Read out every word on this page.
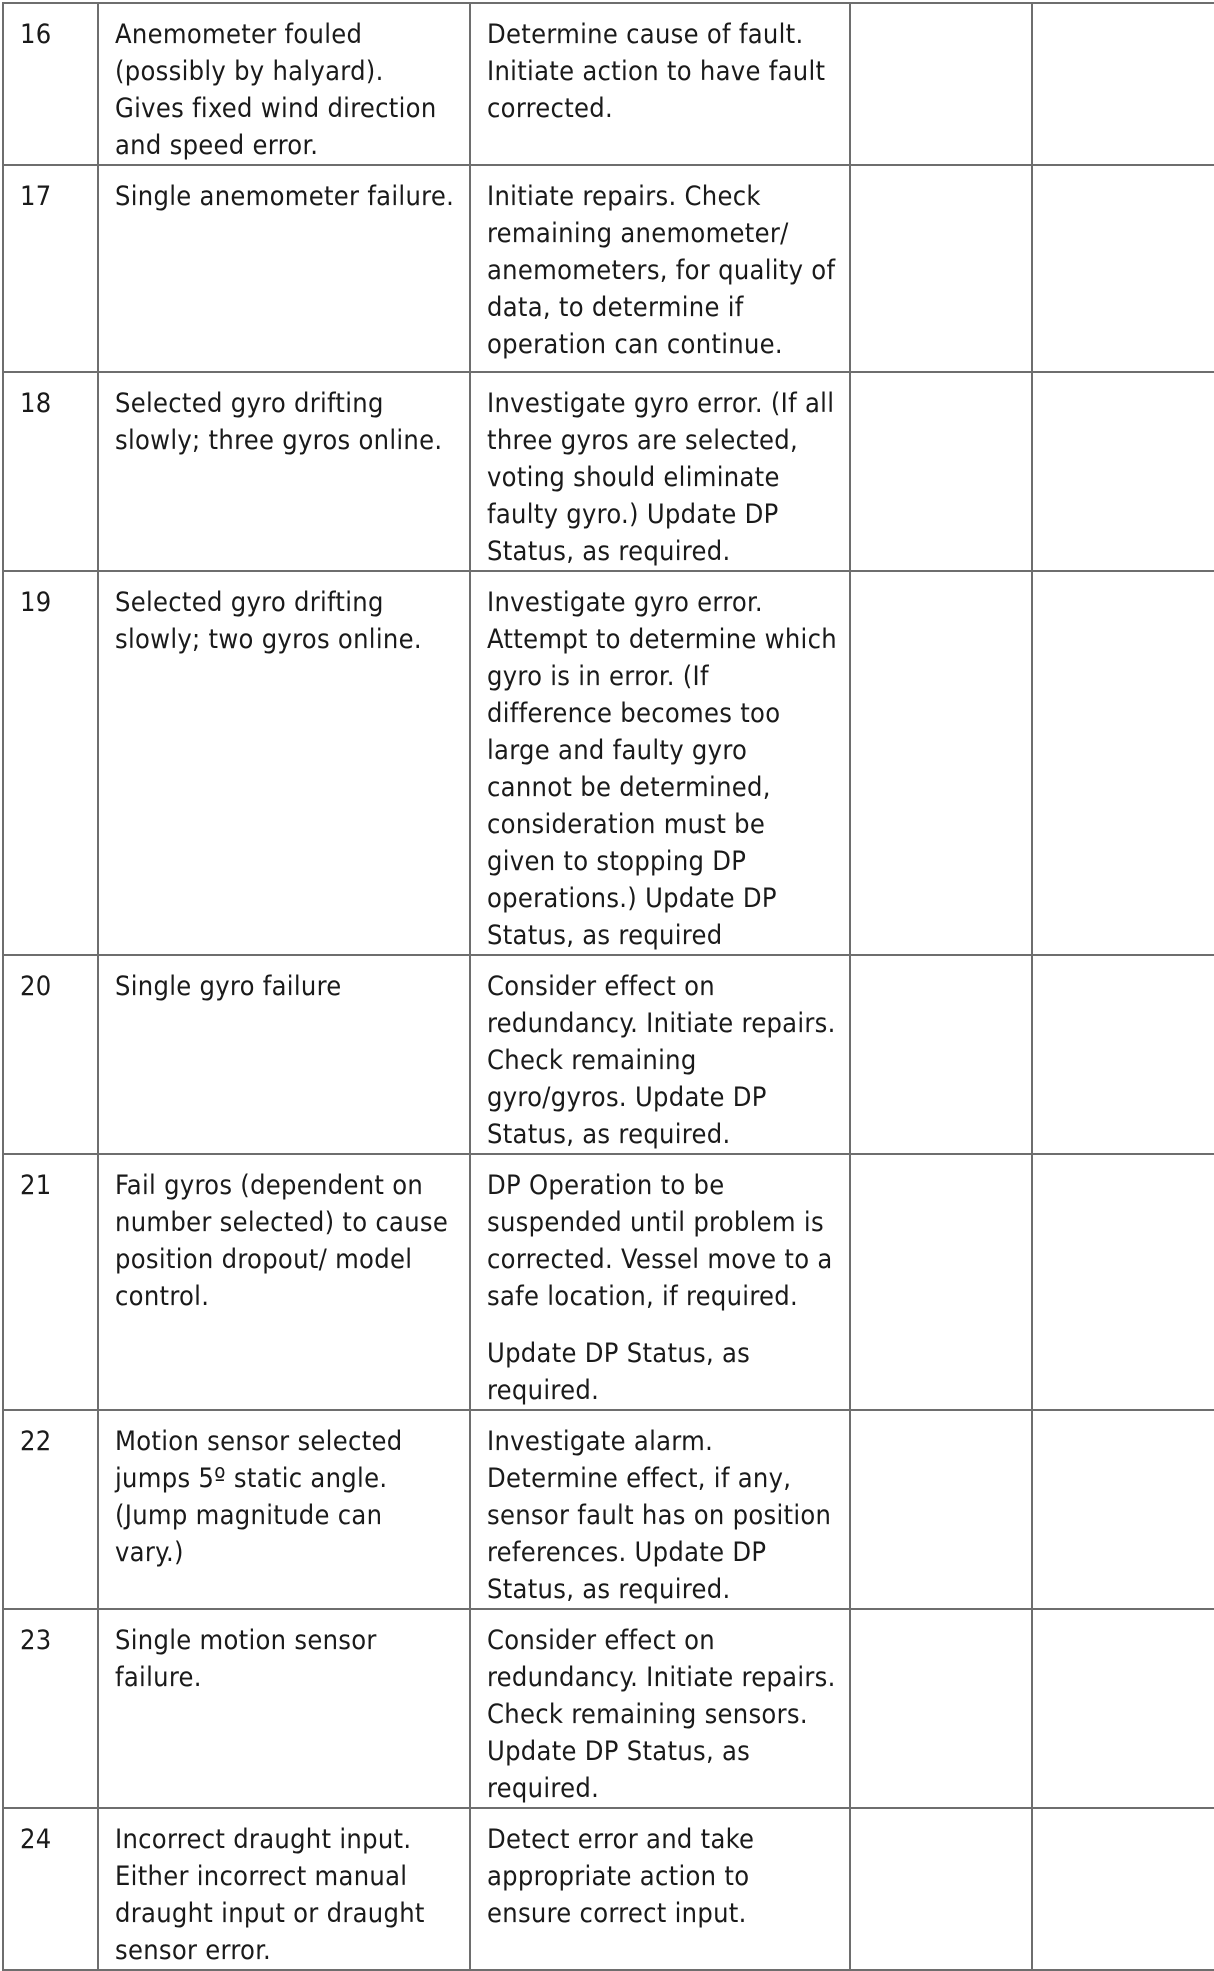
16	Anemometer fouled (possibly by halyard). Gives fixed wind direction and speed error.	Determine cause of fault. Initiate action to have fault corrected.		

17	Single anemometer failure.	Initiate repairs. Check remaining anemometer/ anemometers, for quality of data, to determine if operation can continue.		

18	Selected gyro drifting slowly; three gyros online.	Investigate gyro error. (If all three gyros are selected, voting should eliminate faulty gyro.) Update DP Status, as required.		

19	Selected gyro drifting slowly; two gyros online.	Investigate gyro error. Attempt to determine which gyro is in error. (If difference becomes too large and faulty gyro cannot be determined, consideration must be given to stopping DP operations.) Update DP Status, as required		

20	Single gyro failure	Consider effect on redundancy. Initiate repairs. Check remaining gyro/gyros. Update DP Status, as required.		

21	Fail gyros (dependent on number selected) to cause position dropout/ model control.	DP Operation to be suspended until problem is corrected. Vessel move to a safe location, if required.
Update DP Status, as required.		

22	Motion sensor selected jumps 5º static angle. (Jump magnitude can vary.)	Investigate alarm. Determine effect, if any, sensor fault has on position references. Update DP Status, as required.		

23	Single motion sensor failure.	Consider effect on redundancy. Initiate repairs. Check remaining sensors. Update DP Status, as required.		

24	Incorrect draught input. Either incorrect manual draught input or draught sensor error.	Detect error and take appropriate action to ensure correct input.		
